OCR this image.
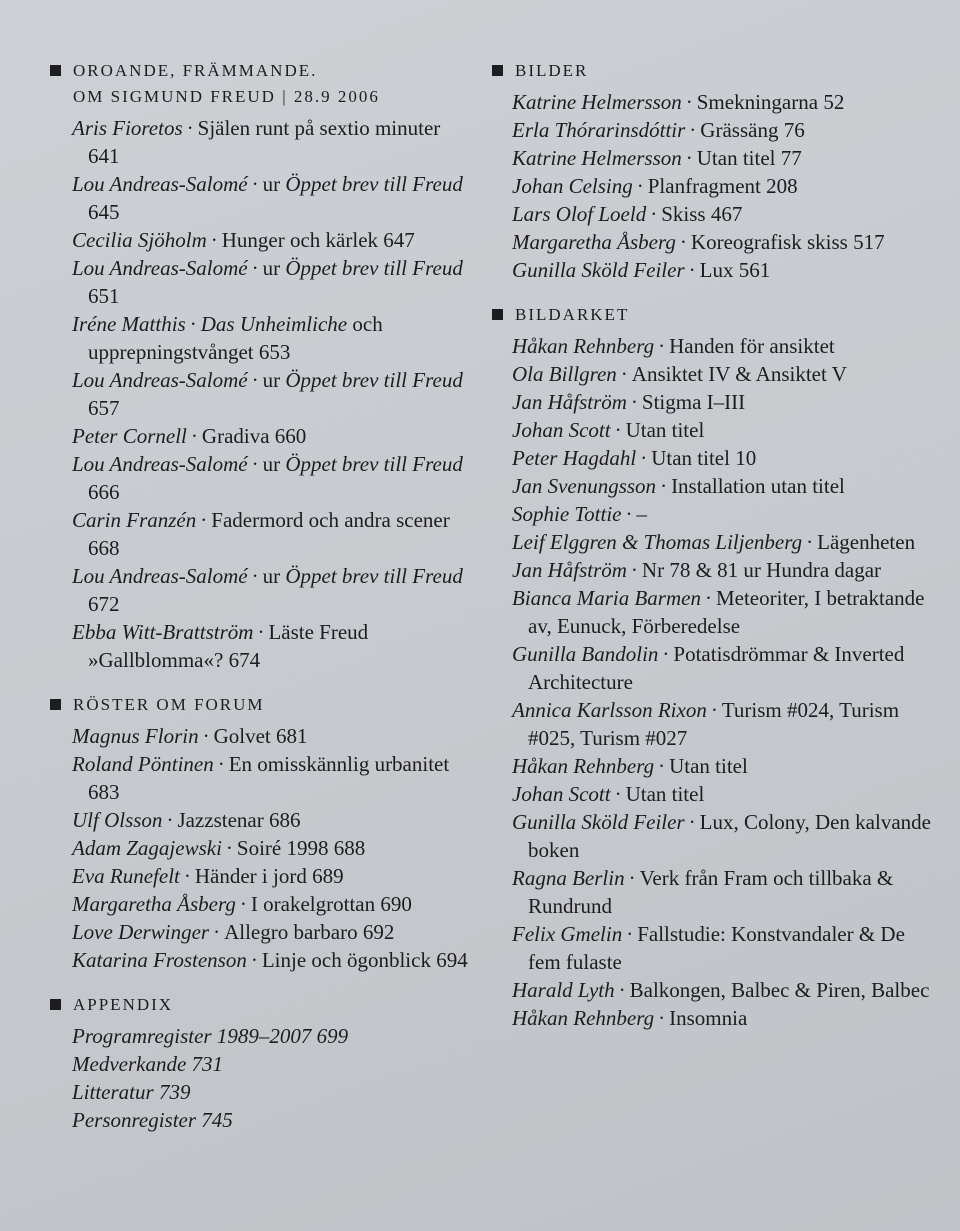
OROANDE, FRÄMMANDE.
OM SIGMUND FREUD | 28.9 2006
Aris Fioretos · Själen runt på sextio minuter 641
Lou Andreas-Salomé · ur Öppet brev till Freud 645
Cecilia Sjöholm · Hunger och kärlek 647
Lou Andreas-Salomé · ur Öppet brev till Freud 651
Iréne Matthis · Das Unheimliche och upprepningstvånget 653
Lou Andreas-Salomé · ur Öppet brev till Freud 657
Peter Cornell · Gradiva 660
Lou Andreas-Salomé · ur Öppet brev till Freud 666
Carin Franzén · Fadermord och andra scener 668
Lou Andreas-Salomé · ur Öppet brev till Freud 672
Ebba Witt-Brattström · Läste Freud »Gallblomma«? 674
RÖSTER OM FORUM
Magnus Florin · Golvet 681
Roland Pöntinen · En omisskännlig urbanitet 683
Ulf Olsson · Jazzstenar 686
Adam Zagajewski · Soiré 1998 688
Eva Runefelt · Händer i jord 689
Margaretha Åsberg · I orakelgrottan 690
Love Derwinger · Allegro barbaro 692
Katarina Frostenson · Linje och ögonblick 694
APPENDIX
Programregister 1989–2007 699
Medverkande 731
Litteratur 739
Personregister 745
BILDER
Katrine Helmersson · Smekningarna 52
Erla Thórarinsdóttir · Grässäng 76
Katrine Helmersson · Utan titel 77
Johan Celsing · Planfragment 208
Lars Olof Loeld · Skiss 467
Margaretha Åsberg · Koreografisk skiss 517
Gunilla Sköld Feiler · Lux 561
BILDARKET
Håkan Rehnberg · Handen för ansiktet
Ola Billgren · Ansiktet IV & Ansiktet V
Jan Håfström · Stigma I–III
Johan Scott · Utan titel
Peter Hagdahl · Utan titel 10
Jan Svenungsson · Installation utan titel
Sophie Tottie · –
Leif Elggren & Thomas Liljenberg · Lägenheten
Jan Håfström · Nr 78 & 81 ur Hundra dagar
Bianca Maria Barmen · Meteoriter, I betraktande av, Eunuck, Förberedelse
Gunilla Bandolin · Potatisdrömmar & Inverted Architecture
Annica Karlsson Rixon · Turism #024, Turism #025, Turism #027
Håkan Rehnberg · Utan titel
Johan Scott · Utan titel
Gunilla Sköld Feiler · Lux, Colony, Den kalvande boken
Ragna Berlin · Verk från Fram och tillbaka & Rundrund
Felix Gmelin · Fallstudie: Konstvandaler & De fem fulaste
Harald Lyth · Balkongen, Balbec & Piren, Balbec
Håkan Rehnberg · Insomnia
